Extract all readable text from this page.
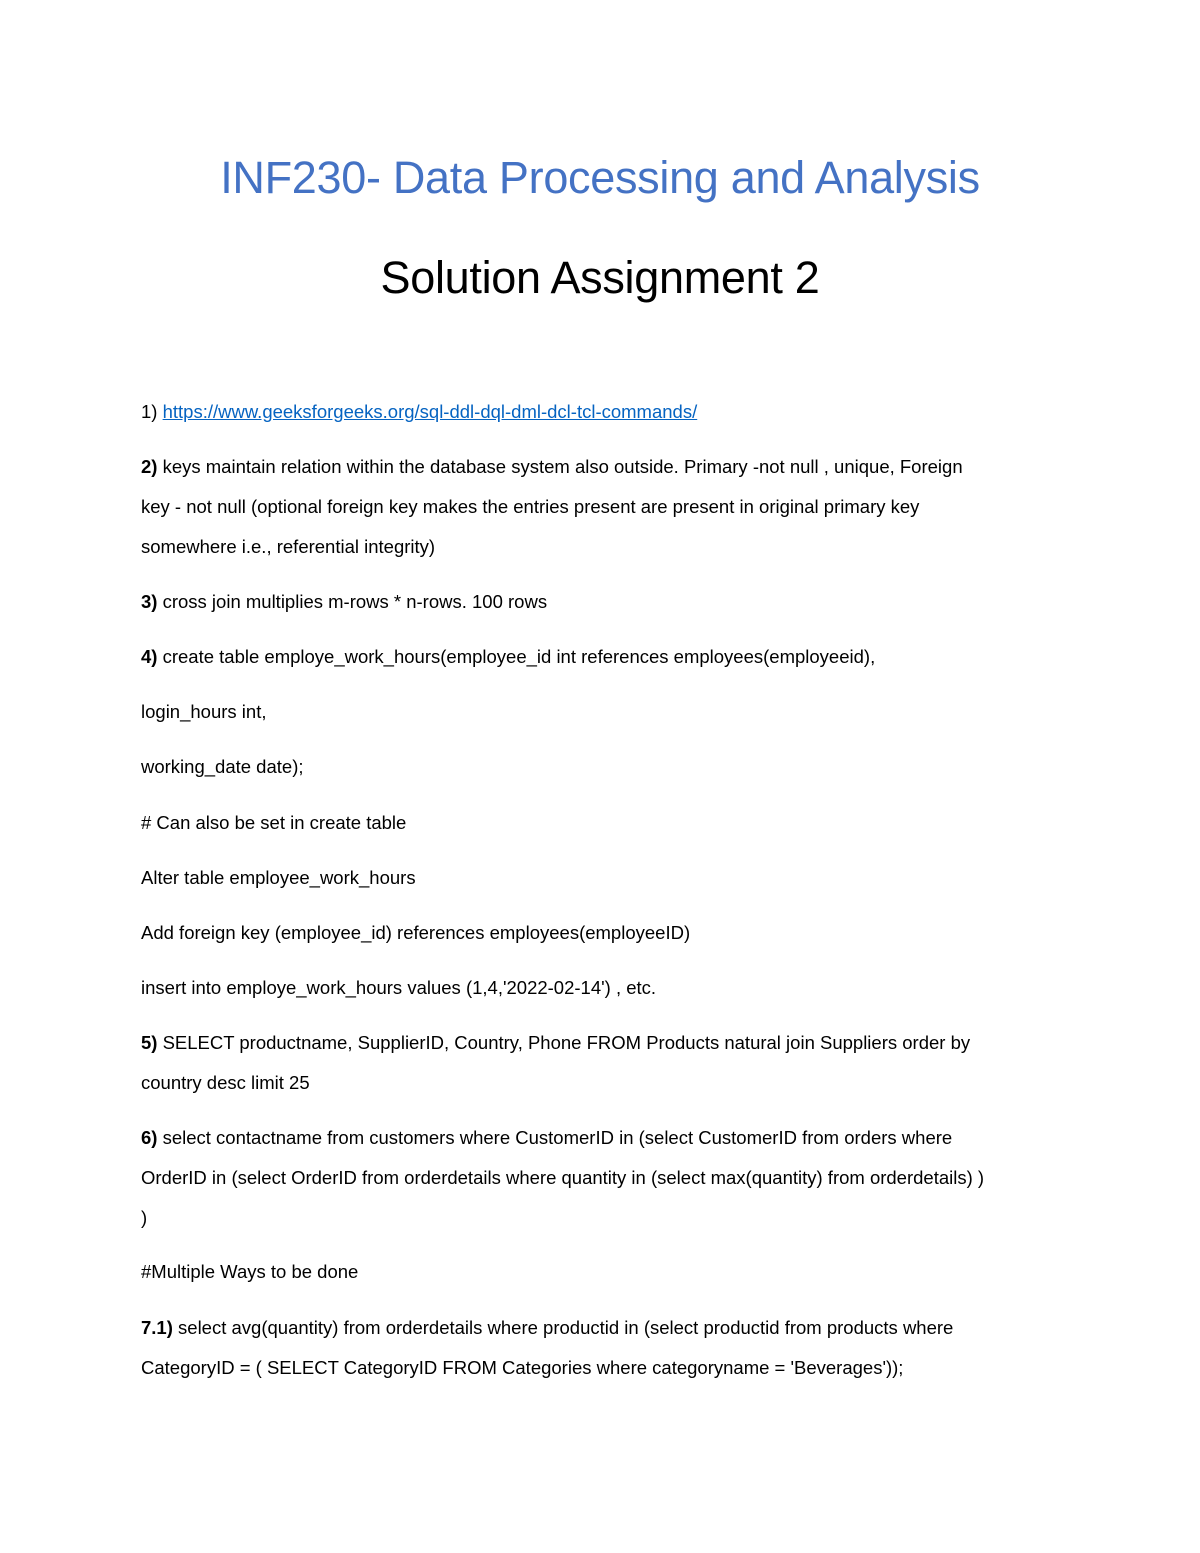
INF230- Data Processing and Analysis
Solution Assignment 2
1) https://www.geeksforgeeks.org/sql-ddl-dql-dml-dcl-tcl-commands/
2) keys maintain relation within the database system also outside. Primary -not null , unique, Foreign
key - not null (optional foreign key makes the entries present are present in original primary key
somewhere i.e., referential integrity)
3) cross join multiplies m-rows * n-rows. 100 rows
4) create table employe_work_hours(employee_id int references employees(employeeid),
login_hours int,
working_date date);
# Can also be set in create table
Alter table employee_work_hours
Add foreign key (employee_id) references employees(employeeID)
insert into employe_work_hours values (1,4,'2022-02-14') , etc.
5) SELECT productname, SupplierID, Country, Phone FROM Products natural join Suppliers order by
country desc limit 25
6) select contactname from customers where CustomerID in (select CustomerID from orders where
OrderID in (select OrderID from orderdetails where quantity in (select max(quantity) from orderdetails) )
)
#Multiple Ways to be done
7.1) select avg(quantity) from orderdetails where productid in (select productid from products where
CategoryID = ( SELECT CategoryID FROM Categories where categoryname = 'Beverages'));
